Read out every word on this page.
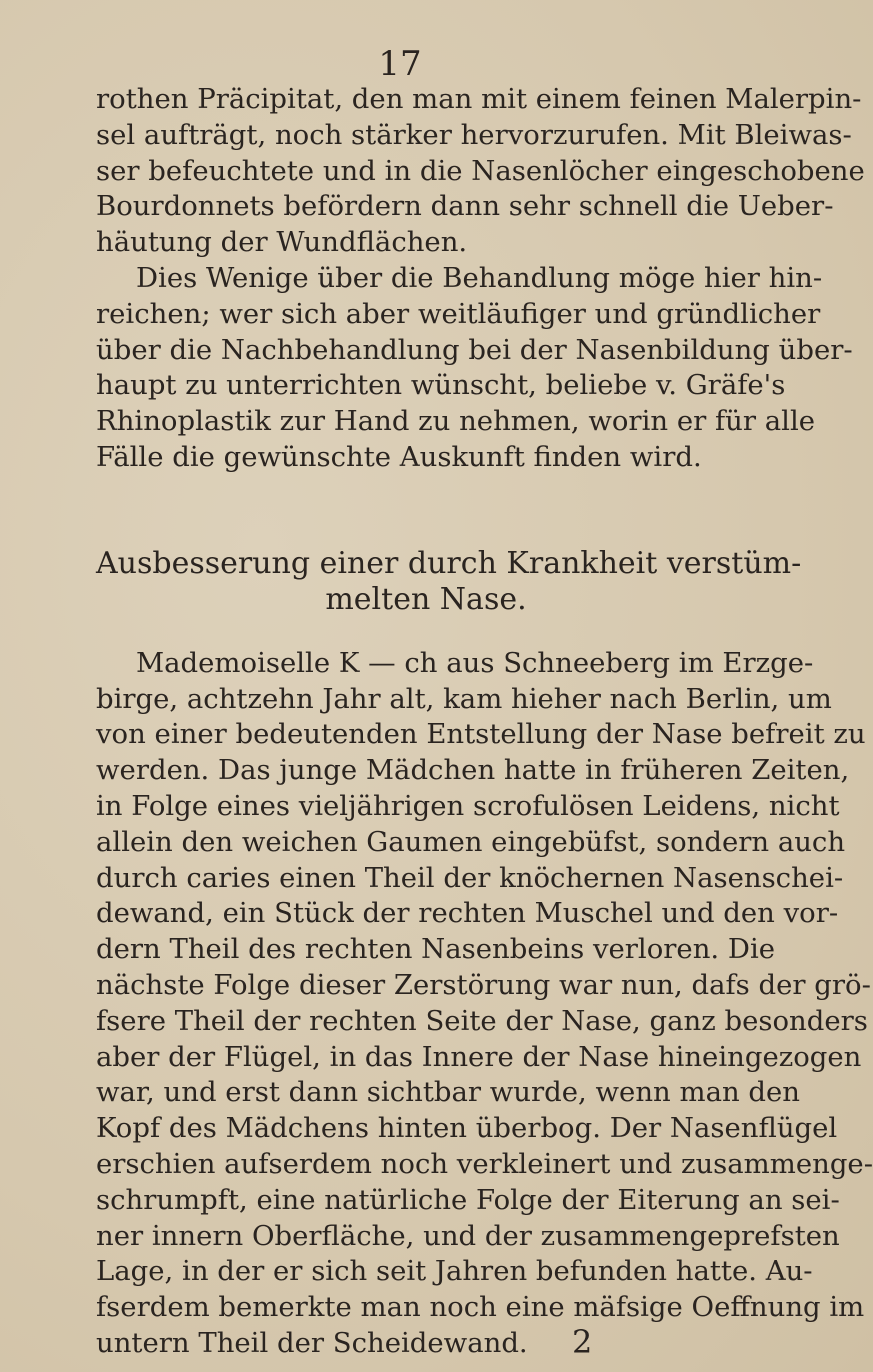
17
rothen Präcipitat, den man mit einem feinen Malerpin-
sel aufträgt, noch stärker hervorzurufen. Mit Bleiwas-
ser befeuchtete und in die Nasenlöcher eingeschobene
Bourdonnets befördern dann sehr schnell die Ueber-
häutung der Wundflächen.
Dies Wenige über die Behandlung möge hier hin-
reichen; wer sich aber weitläufiger und gründlicher
über die Nachbehandlung bei der Nasenbildung über-
haupt zu unterrichten wünscht, beliebe v. Gräfe's
Rhinoplastik zur Hand zu nehmen, worin er für alle
Fälle die gewünschte Auskunft finden wird.
Ausbesserung einer durch Krankheit verstüm-
melten Nase.
Mademoiselle K — ch aus Schneeberg im Erzge-
birge, achtzehn Jahr alt, kam hieher nach Berlin, um
von einer bedeutenden Entstellung der Nase befreit zu
werden. Das junge Mädchen hatte in früheren Zeiten,
in Folge eines vieljährigen scrofulösen Leidens, nicht
allein den weichen Gaumen eingebüfst, sondern auch
durch caries einen Theil der knöchernen Nasenschei-
dewand, ein Stück der rechten Muschel und den vor-
dern Theil des rechten Nasenbeins verloren. Die
nächste Folge dieser Zerstörung war nun, dafs der grö-
fsere Theil der rechten Seite der Nase, ganz besonders
aber der Flügel, in das Innere der Nase hineingezogen
war, und erst dann sichtbar wurde, wenn man den
Kopf des Mädchens hinten überbog. Der Nasenflügel
erschien aufserdem noch verkleinert und zusammenge-
schrumpft, eine natürliche Folge der Eiterung an sei-
ner innern Oberfläche, und der zusammengeprefsten
Lage, in der er sich seit Jahren befunden hatte. Au-
fserdem bemerkte man noch eine mäfsige Oeffnung im
untern Theil der Scheidewand.	2
